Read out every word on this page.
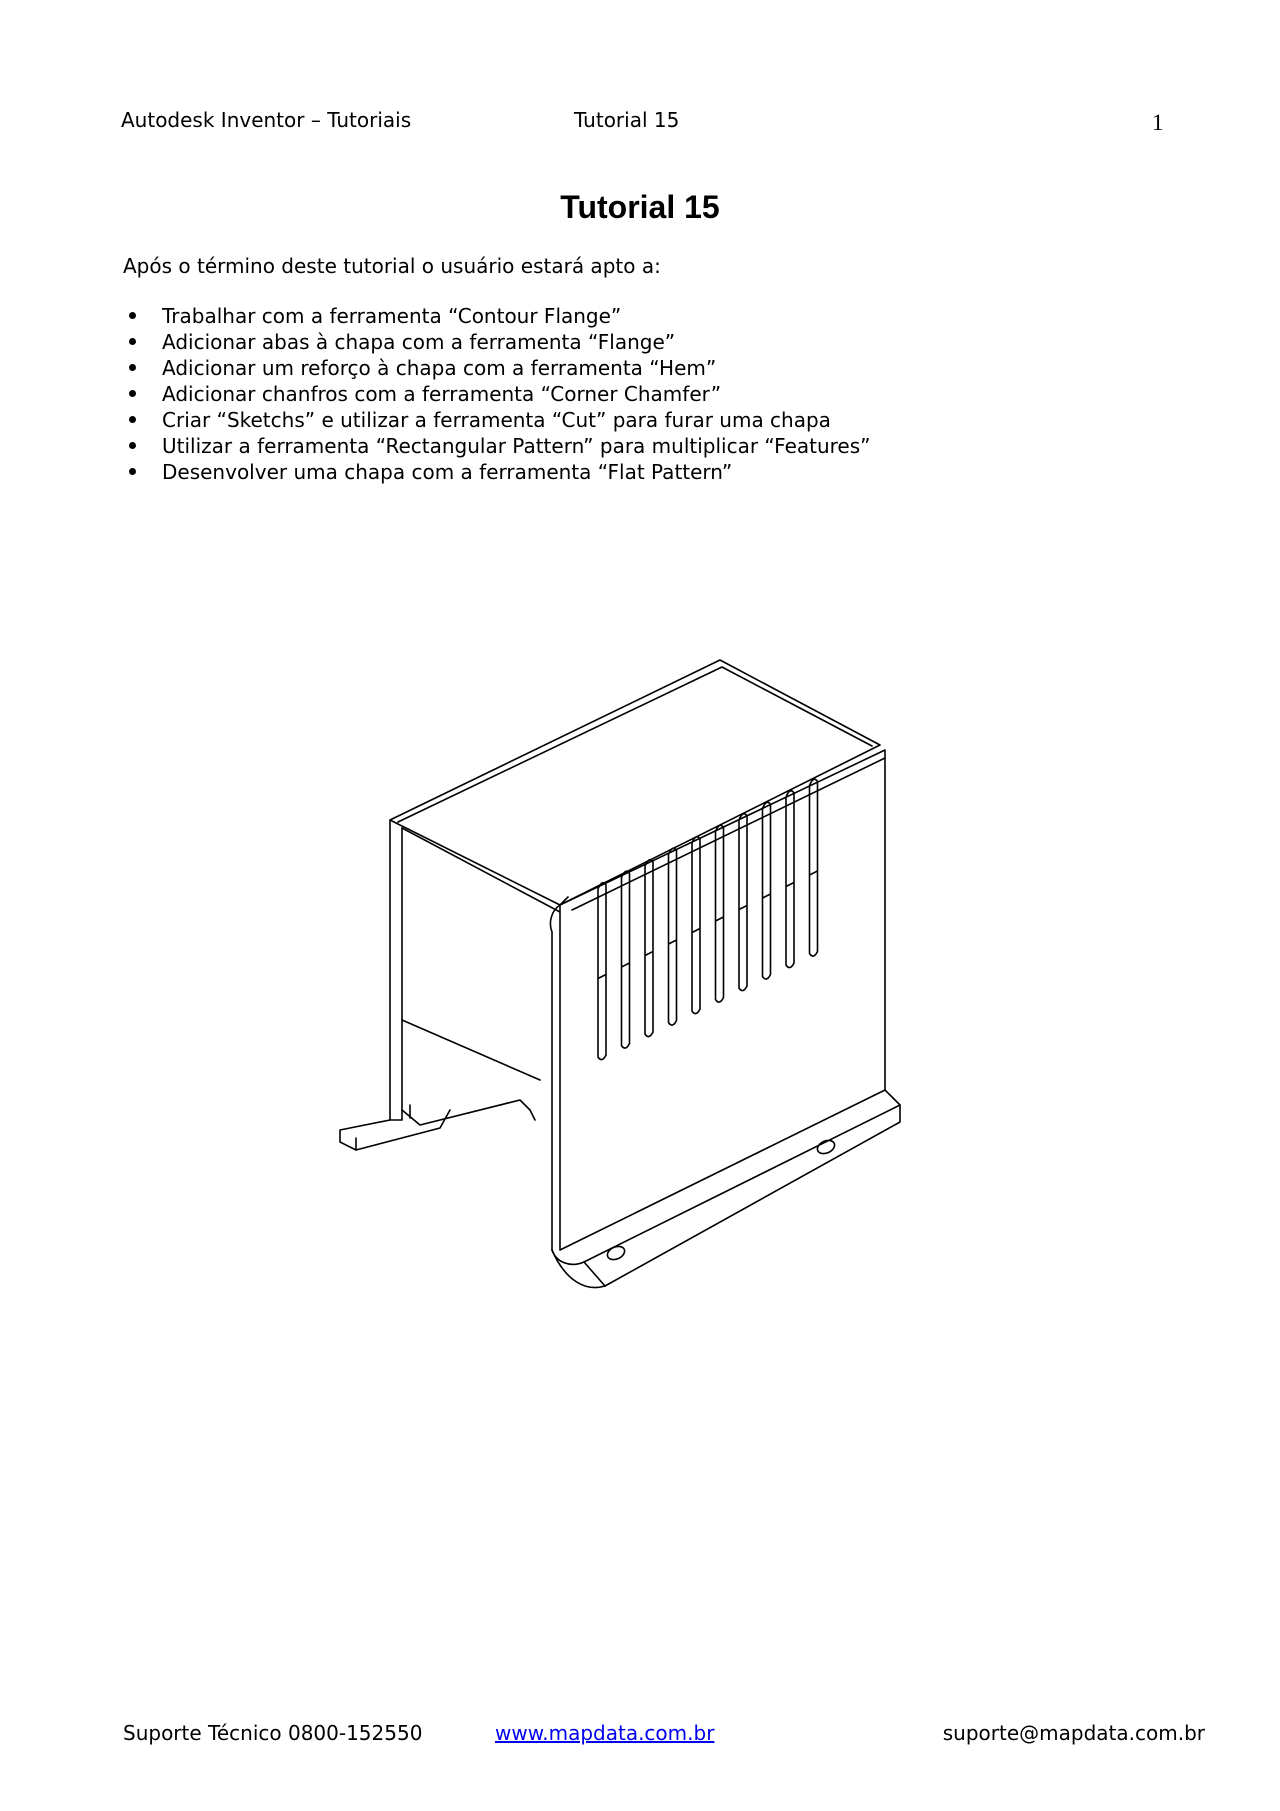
Autodesk Inventor – Tutoriais	Tutorial 15	1
Tutorial 15
Após o término deste tutorial o usuário estará apto a:
Trabalhar com a ferramenta “Contour Flange”
Adicionar abas à chapa com a ferramenta “Flange”
Adicionar um reforço à chapa com a ferramenta “Hem”
Adicionar chanfros com a ferramenta “Corner Chamfer”
Criar “Sketchs” e utilizar a ferramenta “Cut” para furar uma chapa
Utilizar a ferramenta “Rectangular Pattern” para multiplicar “Features”
Desenvolver uma chapa com a ferramenta “Flat Pattern”
Suporte Técnico 0800-152550	www.mapdata.com.br	suporte@mapdata.com.br
